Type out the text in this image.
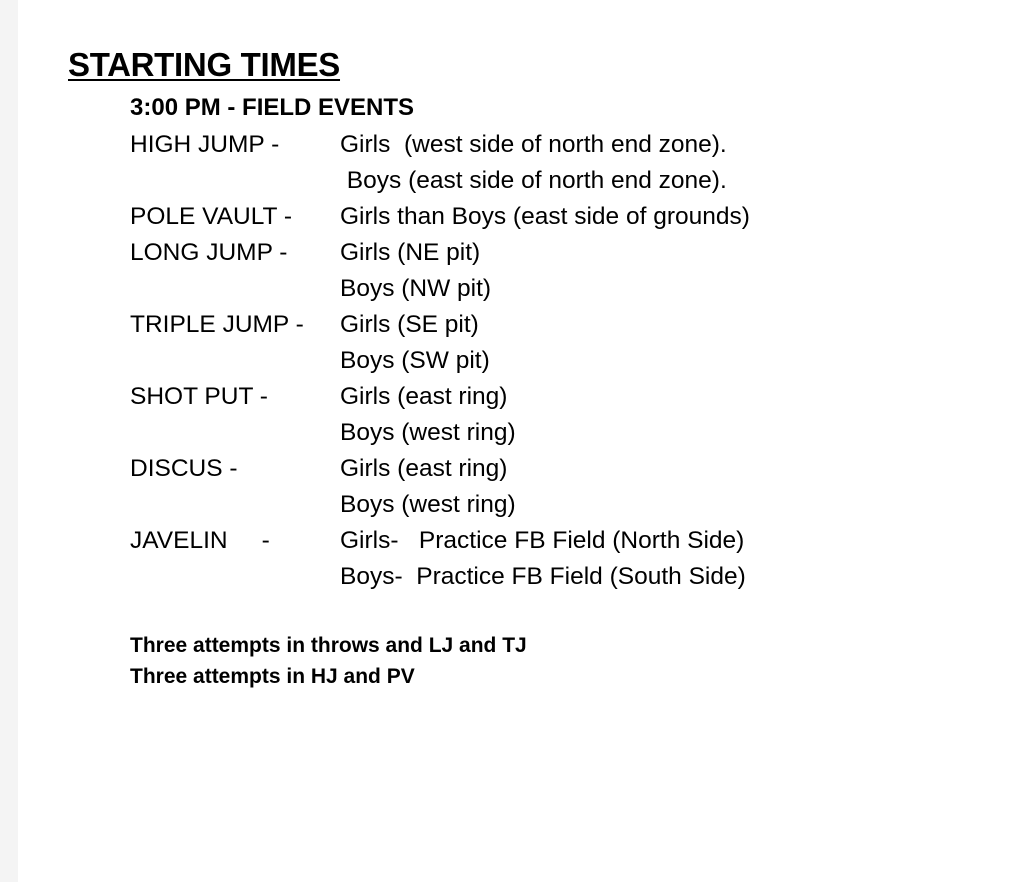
STARTING TIMES
3:00 PM - FIELD EVENTS
HIGH JUMP -	Girls  (west side of north end zone).
Boys (east side of north end zone).
POLE VAULT -	Girls than Boys (east side of grounds)
LONG JUMP -	Girls (NE pit)
Boys (NW pit)
TRIPLE JUMP -	Girls (SE pit)
Boys (SW pit)
SHOT PUT -	Girls (east ring)
Boys (west ring)
DISCUS -	Girls (east ring)
Boys (west ring)
JAVELIN     -	Girls-   Practice FB Field (North Side)
Boys-  Practice FB Field (South Side)
Three attempts in throws and LJ and TJ
Three attempts in HJ and PV
